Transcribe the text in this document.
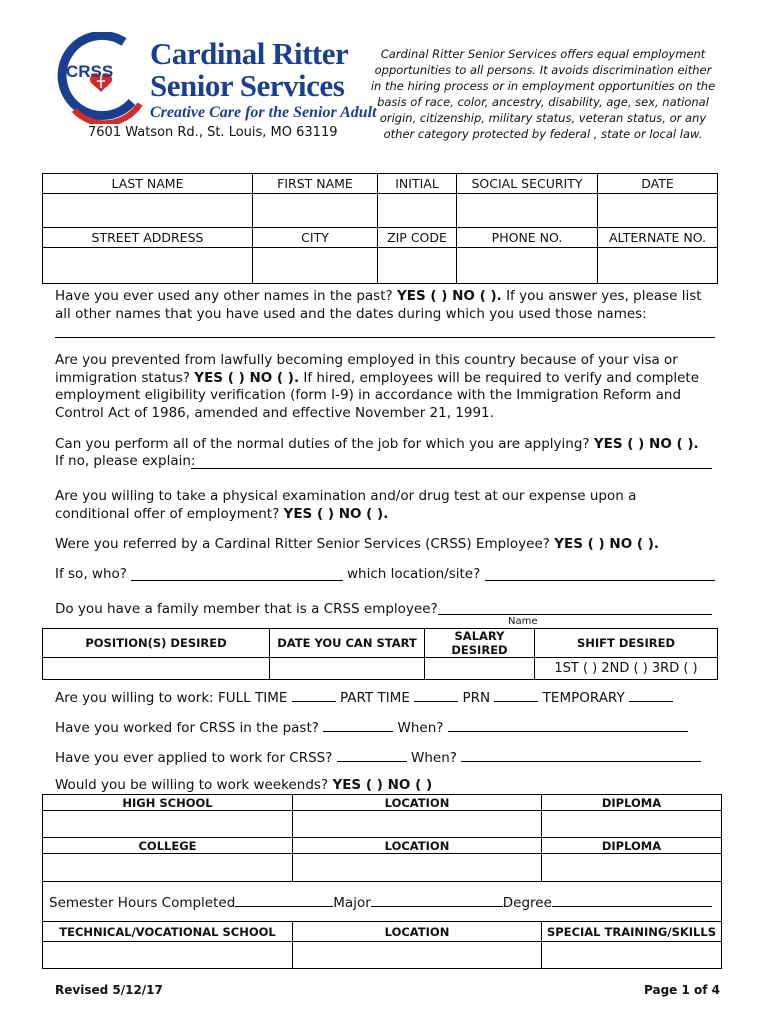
CRSS
Cardinal Ritter
Senior Services
Creative Care for the Senior Adult
7601 Watson Rd., St. Louis, MO 63119
Cardinal Ritter Senior Services offers equal employment opportunities to all persons. It avoids discrimination either in the hiring process or in employment opportunities on the basis of race, color, ancestry, disability, age, sex, national origin, citizenship, military status, veteran status, or any other category protected by federal , state or local law.
LAST NAME	FIRST NAME	INITIAL	SOCIAL SECURITY	DATE

STREET ADDRESS	CITY	ZIP CODE	PHONE NO.	ALTERNATE NO.

Have you ever used any other names in the past? YES ( ) NO ( ). If you answer yes, please list all other names that you have used and the dates during which you used those names:
Are you prevented from lawfully becoming employed in this country because of your visa or immigration status? YES ( ) NO ( ). If hired, employees will be required to verify and complete employment eligibility verification (form I-9) in accordance with the Immigration Reform and Control Act of 1986, amended and effective November 21, 1991.
Can you perform all of the normal duties of the job for which you are applying? YES ( ) NO ( ).
If no, please explain:
Are you willing to take a physical examination and/or drug test at our expense upon a conditional offer of employment? YES ( ) NO ( ).
Were you referred by a Cardinal Ritter Senior Services (CRSS) Employee? YES ( ) NO ( ).
If so, who?	which location/site?
Do you have a family member that is a CRSS employee?
Name
POSITION(S) DESIRED	DATE YOU CAN START	SALARY DESIRED	SHIFT DESIRED
			1ST ( ) 2ND ( ) 3RD ( )
Are you willing to work: FULL TIME	PART TIME	PRN	TEMPORARY
Have you worked for CRSS in the past?	When?
Have you ever applied to work for CRSS?	When?
Would you be willing to work weekends? YES ( ) NO ( )
HIGH SCHOOL	LOCATION	DIPLOMA

COLLEGE	LOCATION	DIPLOMA

Semester Hours Completed Major Degree		
TECHNICAL/VOCATIONAL SCHOOL	LOCATION	SPECIAL TRAINING/SKILLS

Revised 5/12/17	Page 1 of 4
